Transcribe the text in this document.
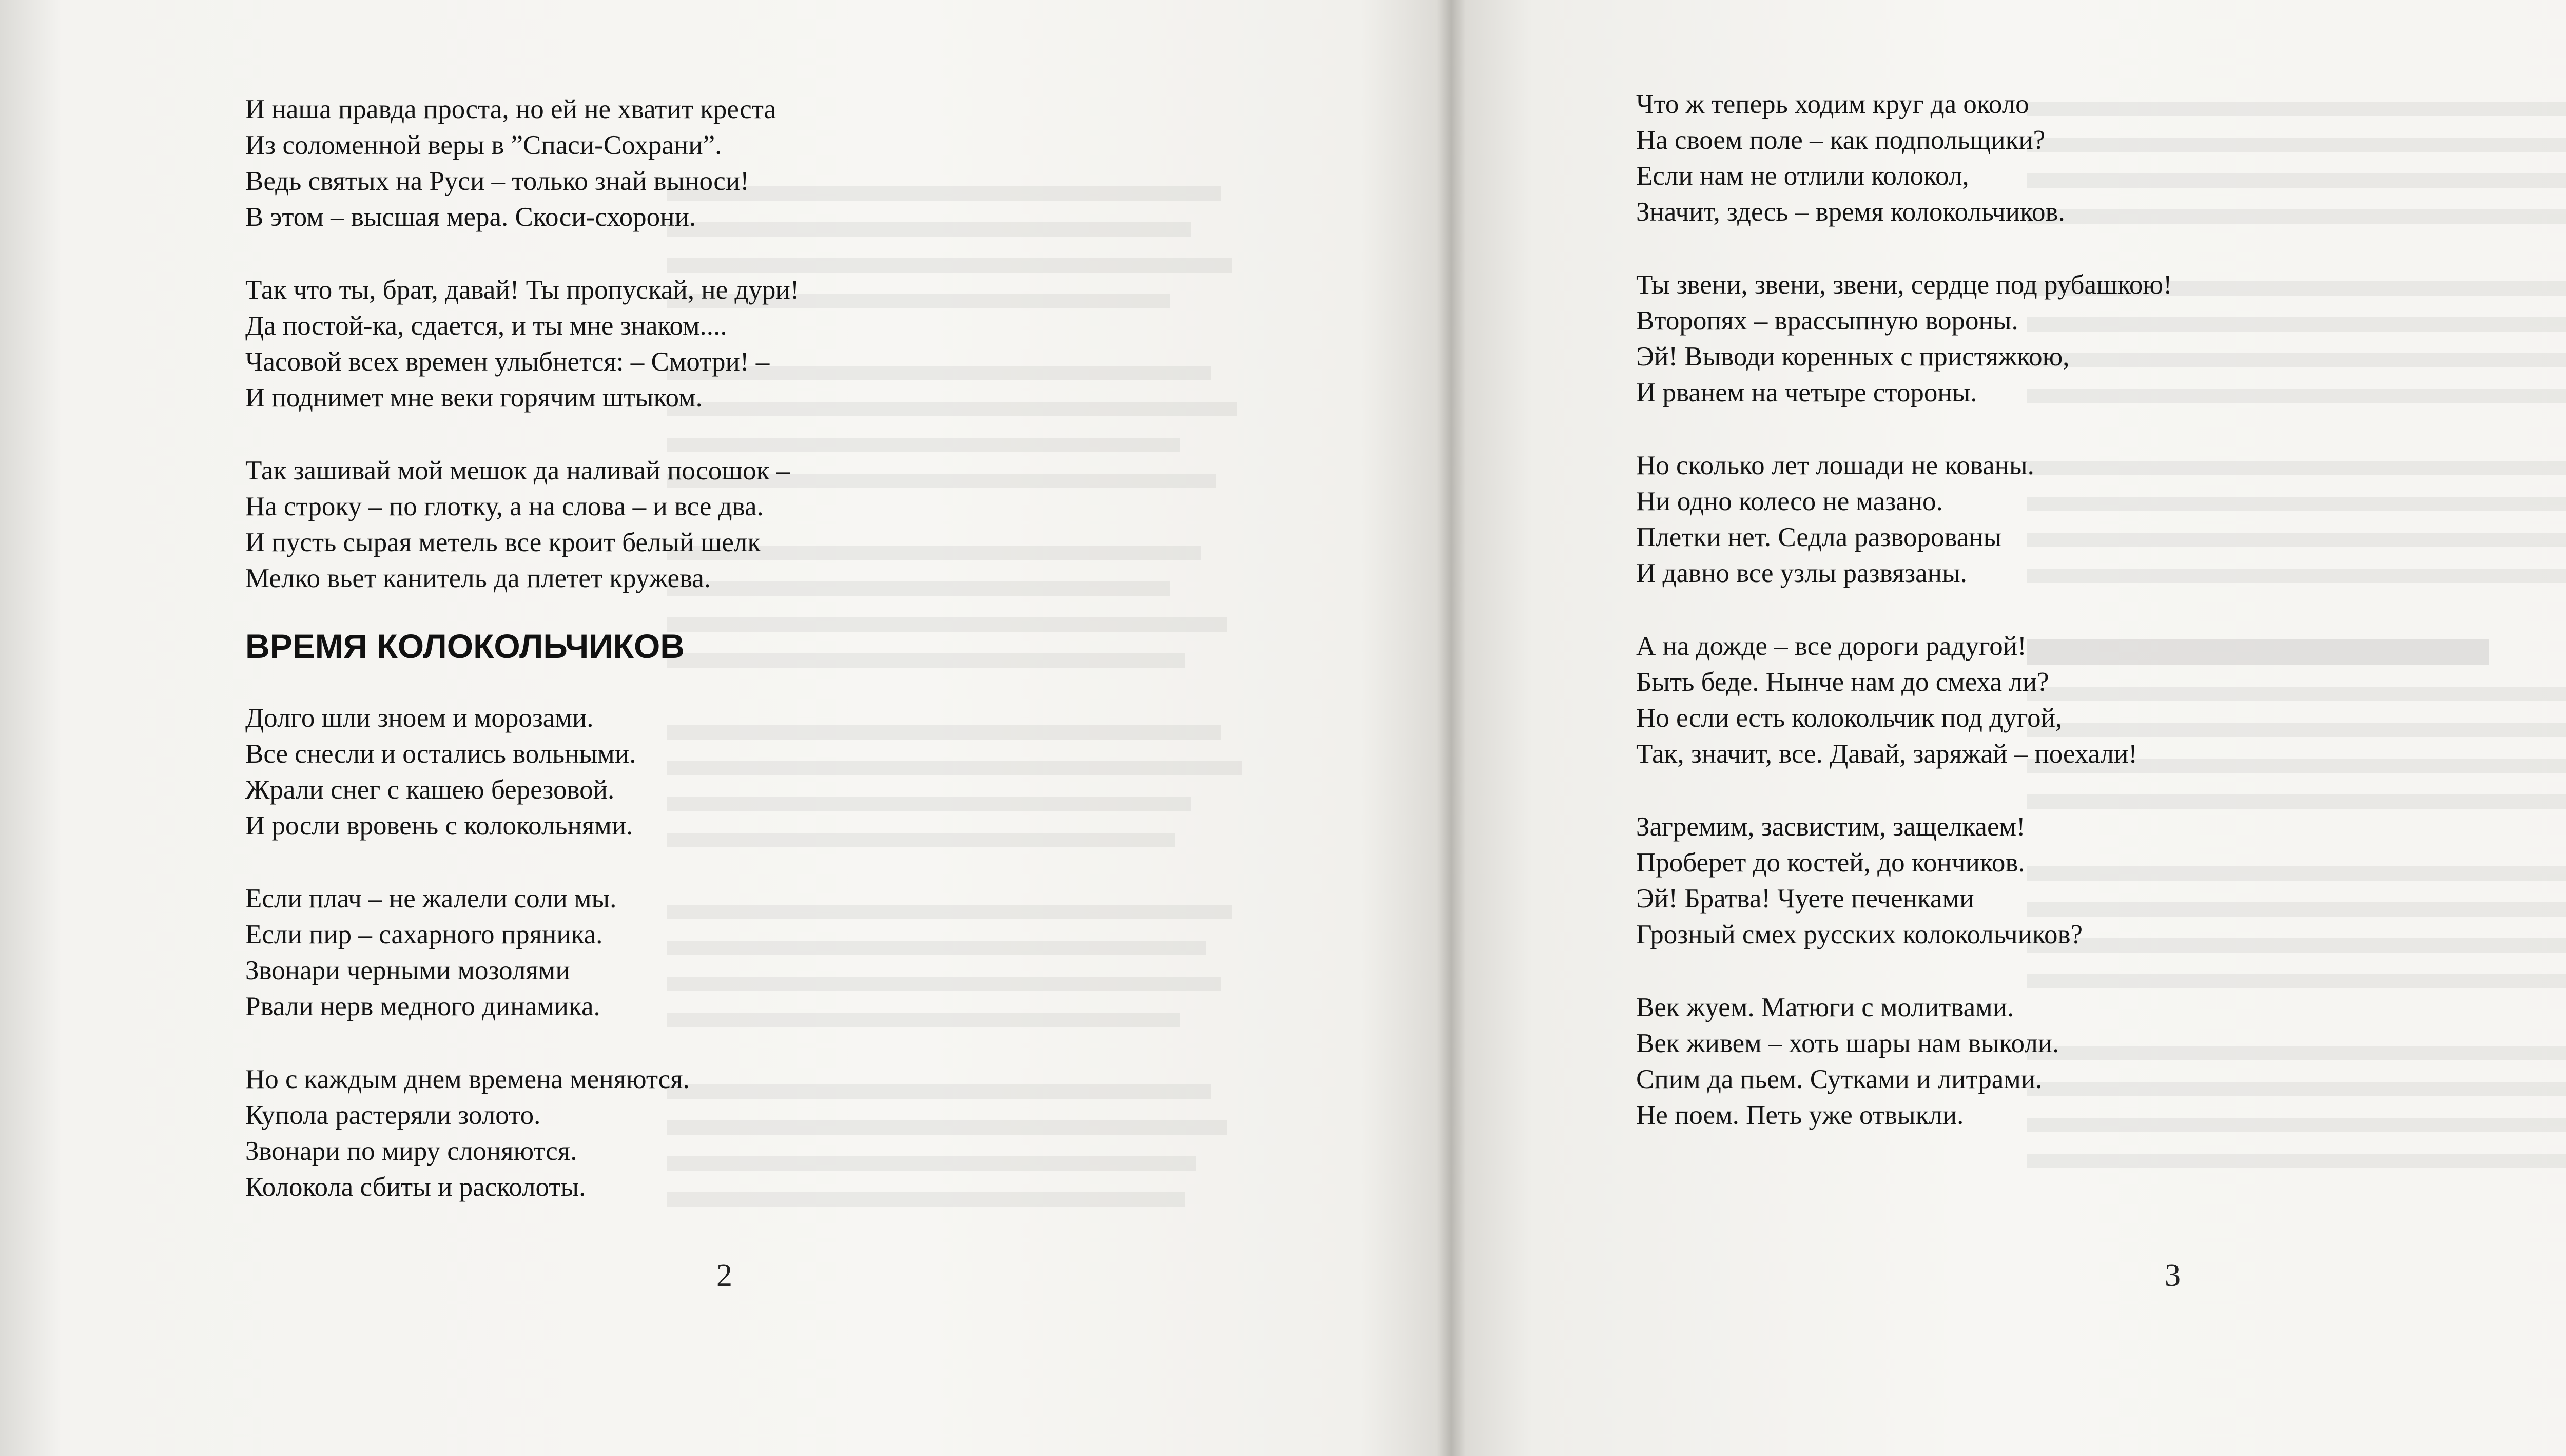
И наша правда проста, но ей не хватит креста
Из соломенной веры в ”Спаси-Сохрани”.
Ведь святых на Руси – только знай выноси!
В этом – высшая мера. Скоси-схорони.
Так что ты, брат, давай! Ты пропускай, не дури!
Да постой-ка, сдается, и ты мне знаком....
Часовой всех времен улыбнется: – Смотри! –
И поднимет мне веки горячим штыком.
Так зашивай мой мешок да наливай посошок –
На строку – по глотку, а на слова – и все два.
И пусть сырая метель все кроит белый шелк
Мелко вьет канитель да плетет кружева.
ВРЕМЯ КОЛОКОЛЬЧИКОВ
Долго шли зноем и морозами.
Все снесли и остались вольными.
Жрали снег с кашею березовой.
И росли вровень с колокольнями.
Если плач – не жалели соли мы.
Если пир – сахарного пряника.
Звонари черными мозолями
Рвали нерв медного динамика.
Но с каждым днем времена меняются.
Купола растеряли золото.
Звонари по миру слоняются.
Колокола сбиты и расколоты.
2
Что ж теперь ходим круг да около
На своем поле – как подпольщики?
Если нам не отлили колокол,
Значит, здесь – время колокольчиков.
Ты звени, звени, звени, сердце под рубашкою!
Второпях – врассыпную вороны.
Эй! Выводи коренных с пристяжкою,
И рванем на четыре стороны.
Но сколько лет лошади не кованы.
Ни одно колесо не мазано.
Плетки нет. Седла разворованы
И давно все узлы развязаны.
А на дожде – все дороги радугой!
Быть беде. Нынче нам до смеха ли?
Но если есть колокольчик под дугой,
Так, значит, все. Давай, заряжай – поехали!
Загремим, засвистим, защелкаем!
Проберет до костей, до кончиков.
Эй! Братва! Чуете печенками
Грозный смех русских колокольчиков?
Век жуем. Матюги с молитвами.
Век живем – хоть шары нам выколи.
Спим да пьем. Сутками и литрами.
Не поем. Петь уже отвыкли.
3
